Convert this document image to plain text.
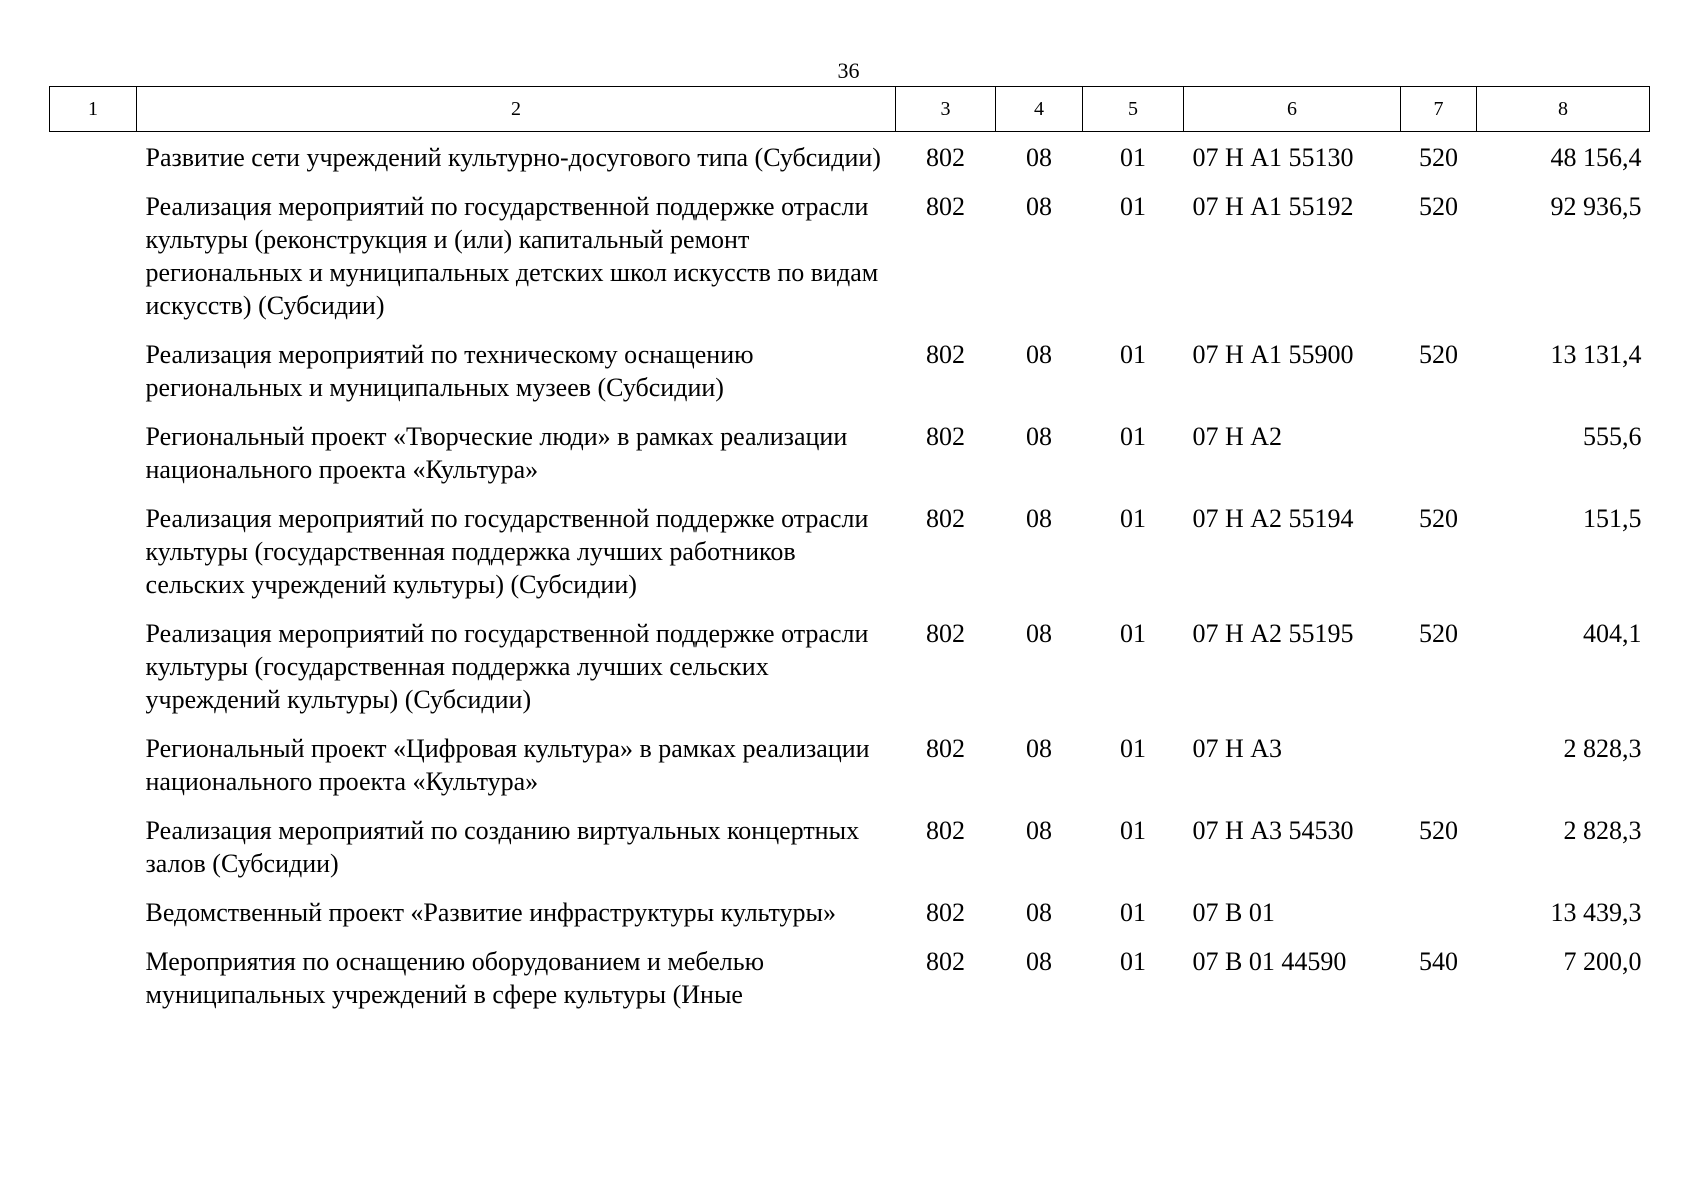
36
1	2	3	4	5	6	7	8
	Развитие сети учреждений культурно-досугового типа (Субсидии)	802	08	01	07 Н А1 55130	520	48 156,4
	Реализация мероприятий по государственной поддержке отрасли культуры (реконструкция и (или) капитальный ремонт региональных и муниципальных детских школ искусств по видам искусств) (Субсидии)	802	08	01	07 Н А1 55192	520	92 936,5
	Реализация мероприятий по техническому оснащению региональных и муниципальных музеев (Субсидии)	802	08	01	07 Н А1 55900	520	13 131,4
	Региональный проект «Творческие люди» в рамках реализации национального проекта «Культура»	802	08	01	07 Н А2		555,6
	Реализация мероприятий по государственной поддержке отрасли культуры (государственная поддержка лучших работников сельских учреждений культуры) (Субсидии)	802	08	01	07 Н А2 55194	520	151,5
	Реализация мероприятий по государственной поддержке отрасли культуры (государственная поддержка лучших сельских учреждений культуры) (Субсидии)	802	08	01	07 Н А2 55195	520	404,1
	Региональный проект «Цифровая культура» в рамках реализации национального проекта «Культура»	802	08	01	07 Н А3		2 828,3
	Реализация мероприятий по созданию виртуальных концертных залов (Субсидии)	802	08	01	07 Н А3 54530	520	2 828,3
	Ведомственный проект «Развитие инфраструктуры культуры»	802	08	01	07 В 01		13 439,3
	Мероприятия по оснащению оборудованием и мебелью муниципальных учреждений в сфере культуры (Иные	802	08	01	07 В 01 44590	540	7 200,0
